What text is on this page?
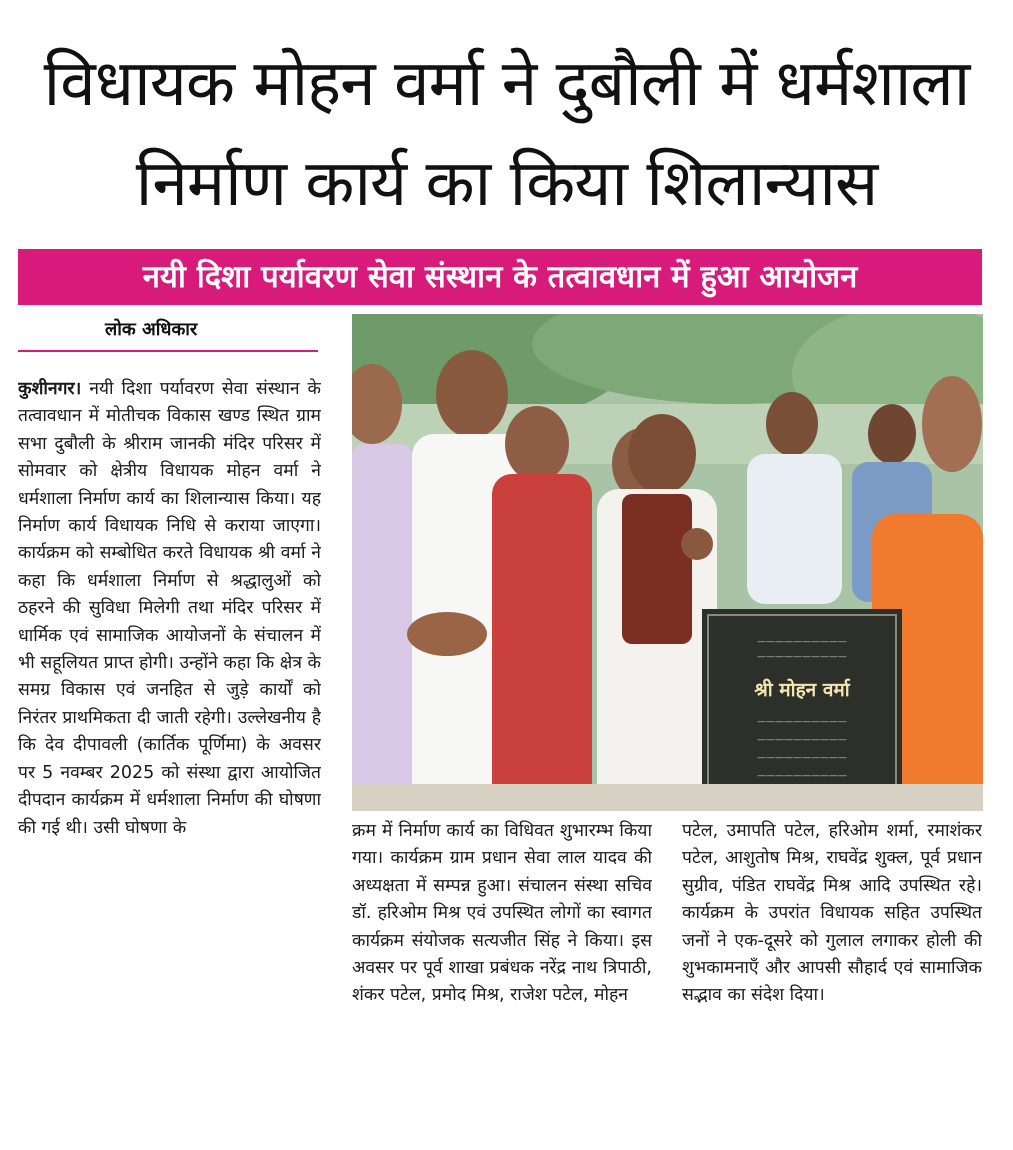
विधायक मोहन वर्मा ने दुबौली में धर्मशाला
निर्माण कार्य का किया शिलान्यास
नयी दिशा पर्यावरण सेवा संस्थान के तत्वावधान में हुआ आयोजन
लोक अधिकार
कुशीनगर। नयी दिशा पर्यावरण सेवा संस्थान के तत्वावधान में मोतीचक विकास खण्ड स्थित ग्राम सभा दुबौली के श्रीराम जानकी मंदिर परिसर में सोमवार को क्षेत्रीय विधायक मोहन वर्मा ने धर्मशाला निर्माण कार्य का शिलान्यास किया। यह निर्माण कार्य विधायक निधि से कराया जाएगा। कार्यक्रम को सम्बोधित करते विधायक श्री वर्मा ने कहा कि धर्मशाला निर्माण से श्रद्धालुओं को ठहरने की सुविधा मिलेगी तथा मंदिर परिसर में धार्मिक एवं सामाजिक आयोजनों के संचालन में भी सहूलियत प्राप्त होगी। उन्होंने कहा कि क्षेत्र के समग्र विकास एवं जनहित से जुड़े कार्यों को निरंतर प्राथमिकता दी जाती रहेगी। उल्लेखनीय है कि देव दीपावली (कार्तिक पूर्णिमा) के अवसर पर 5 नवम्बर 2025 को संस्था द्वारा आयोजित दीपदान कार्यक्रम में धर्मशाला निर्माण की घोषणा की गई थी। उसी घोषणा के
——————————
——————————
श्री मोहन वर्मा
——————————
——————————
——————————
——————————
क्रम में निर्माण कार्य का विधिवत शुभारम्भ किया गया। कार्यक्रम ग्राम प्रधान सेवा लाल यादव की अध्यक्षता में सम्पन्न हुआ। संचालन संस्था सचिव डॉ. हरिओम मिश्र एवं उपस्थित लोगों का स्वागत कार्यक्रम संयोजक सत्यजीत सिंह ने किया। इस अवसर पर पूर्व शाखा प्रबंधक नरेंद्र नाथ त्रिपाठी, शंकर पटेल, प्रमोद मिश्र, राजेश पटेल, मोहन
पटेल, उमापति पटेल, हरिओम शर्मा, रमाशंकर पटेल, आशुतोष मिश्र, राघवेंद्र शुक्ल, पूर्व प्रधान सुग्रीव, पंडित राघवेंद्र मिश्र आदि उपस्थित रहे। कार्यक्रम के उपरांत विधायक सहित उपस्थित जनों ने एक-दूसरे को गुलाल लगाकर होली की शुभकामनाएँ और आपसी सौहार्द एवं सामाजिक सद्भाव का संदेश दिया।
